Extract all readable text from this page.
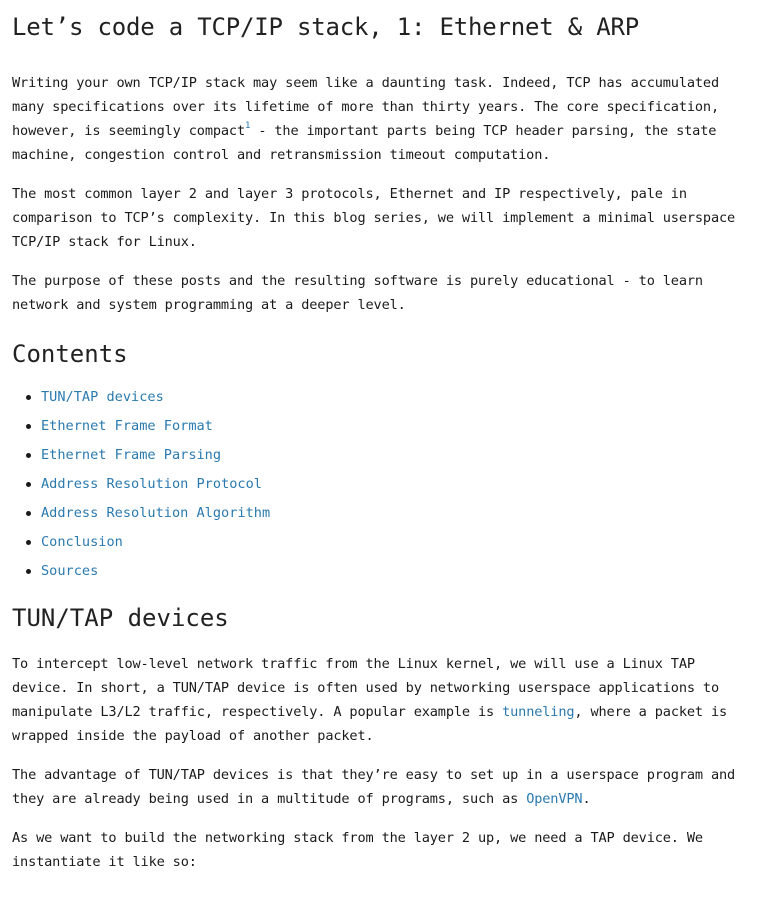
Let’s code a TCP/IP stack, 1: Ethernet & ARP

Writing your own TCP/IP stack may seem like a daunting task. Indeed, TCP has accumulated many specifications over its lifetime of more than thirty years. The core specification, however, is seemingly compact$^1$ - the important parts being TCP header parsing, the state machine, congestion control and retransmission timeout computation.

The most common layer 2 and layer 3 protocols, Ethernet and IP respectively, pale in comparison to TCP’s complexity. In this blog series, we will implement a minimal userspace TCP/IP stack for Linux.

The purpose of these posts and the resulting software is purely educational - to learn network and system programming at a deeper level.

Contents
TUN/TAP devices
Ethernet Frame Format
Ethernet Frame Parsing
Address Resolution Protocol
Address Resolution Algorithm
Conclusion
Sources
TUN/TAP devices

To intercept low-level network traffic from the Linux kernel, we will use a Linux TAP device. In short, a TUN/TAP device is often used by networking userspace applications to manipulate L3/L2 traffic, respectively. A popular example is tunneling, where a packet is wrapped inside the payload of another packet.

The advantage of TUN/TAP devices is that they’re easy to set up in a userspace program and they are already being used in a multitude of programs, such as OpenVPN.

As we want to build the networking stack from the layer 2 up, we need a TAP device. We instantiate it like so:
